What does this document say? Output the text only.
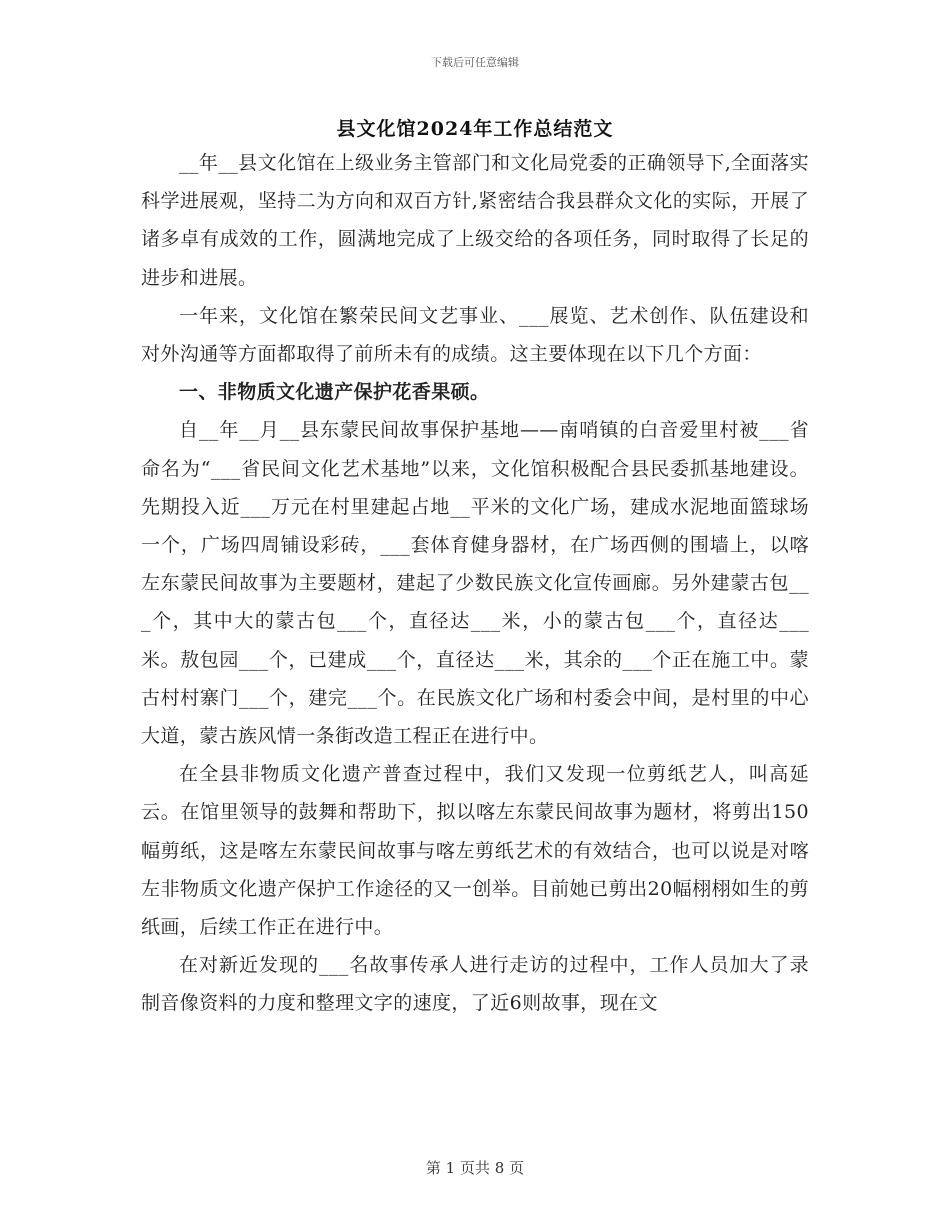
下载后可任意编辑
县文化馆2024年工作总结范文

__年__县文化馆在上级业务主管部门和文化局党委的正确领导下,全面落实科学进展观，坚持二为方向和双百方针,紧密结合我县群众文化的实际，开展了诸多卓有成效的工作，圆满地完成了上级交给的各项任务，同时取得了长足的进步和进展。

一年来，文化馆在繁荣民间文艺事业、___展览、艺术创作、队伍建设和对外沟通等方面都取得了前所未有的成绩。这主要体现在以下几个方面：

一、非物质文化遗产保护花香果硕。

自__年__月__县东蒙民间故事保护基地——南哨镇的白音爱里村被___省命名为“___省民间文化艺术基地”以来，文化馆积极配合县民委抓基地建设。先期投入近___万元在村里建起占地__平米的文化广场，建成水泥地面篮球场一个，广场四周铺设彩砖，___套体育健身器材，在广场西侧的围墙上，以喀左东蒙民间故事为主要题材，建起了少数民族文化宣传画廊。另外建蒙古包___个，其中大的蒙古包___个，直径达___米，小的蒙古包___个，直径达___米。敖包园___个，已建成___个，直径达___米，其余的___个正在施工中。蒙古村村寨门___个，建完___个。在民族文化广场和村委会中间，是村里的中心大道，蒙古族风情一条街改造工程正在进行中。

在全县非物质文化遗产普查过程中，我们又发现一位剪纸艺人，叫高延云。在馆里领导的鼓舞和帮助下，拟以喀左东蒙民间故事为题材，将剪出150幅剪纸，这是喀左东蒙民间故事与喀左剪纸艺术的有效结合，也可以说是对喀左非物质文化遗产保护工作途径的又一创举。目前她已剪出20幅栩栩如生的剪纸画，后续工作正在进行中。

在对新近发现的___名故事传承人进行走访的过程中，工作人员加大了录制音像资料的力度和整理文字的速度，了近6则故事，现在文

第 1 页共 8 页
